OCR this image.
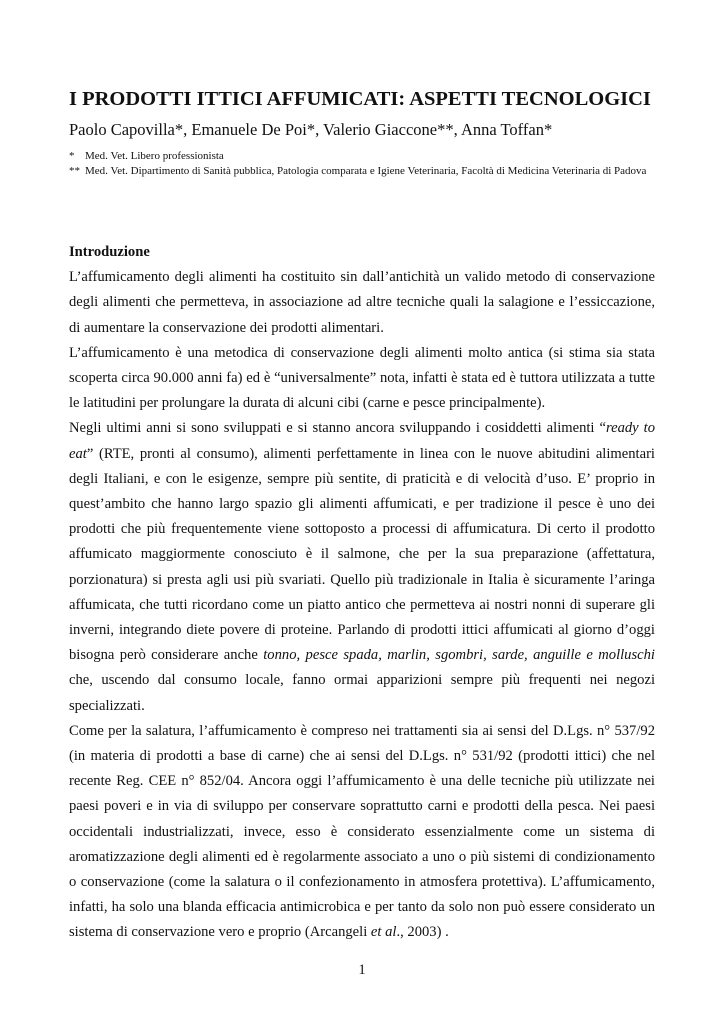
I PRODOTTI ITTICI AFFUMICATI: ASPETTI TECNOLOGICI
Paolo Capovilla*, Emanuele De Poi*, Valerio Giaccone**, Anna Toffan*
* Med. Vet. Libero professionista
** Med. Vet. Dipartimento di Sanità pubblica, Patologia comparata e Igiene Veterinaria, Facoltà di Medicina Veterinaria di Padova
Introduzione

L’affumicamento degli alimenti ha costituito sin dall’antichità un valido metodo di conservazione degli alimenti che permetteva, in associazione ad altre tecniche quali la salagione e l’essiccazione, di aumentare la conservazione dei prodotti alimentari.

L’affumicamento è una metodica di conservazione degli alimenti molto antica (si stima sia stata scoperta circa 90.000 anni fa) ed è “universalmente” nota, infatti è stata ed è tuttora utilizzata a tutte le latitudini per prolungare la durata di alcuni cibi (carne e pesce principalmente).

Negli ultimi anni si sono sviluppati e si stanno ancora sviluppando i cosiddetti alimenti “ready to eat” (RTE, pronti al consumo), alimenti perfettamente in linea con le nuove abitudini alimentari degli Italiani, e con le esigenze, sempre più sentite, di praticità e di velocità d’uso. E’ proprio in quest’ambito che hanno largo spazio gli alimenti affumicati, e per tradizione il pesce è uno dei prodotti che più frequentemente viene sottoposto a processi di affumicatura. Di certo il prodotto affumicato maggiormente conosciuto è il salmone, che per la sua preparazione (affettatura, porzionatura) si presta agli usi più svariati. Quello più tradizionale in Italia è sicuramente l’aringa affumicata, che tutti ricordano come un piatto antico che permetteva ai nostri nonni di superare gli inverni, integrando diete povere di proteine. Parlando di prodotti ittici affumicati al giorno d’oggi bisogna però considerare anche tonno, pesce spada, marlin, sgombri, sarde, anguille e molluschi che, uscendo dal consumo locale, fanno ormai apparizioni sempre più frequenti nei negozi specializzati.

Come per la salatura, l’affumicamento è compreso nei trattamenti sia ai sensi del D.Lgs. n° 537/92 (in materia di prodotti a base di carne) che ai sensi del D.Lgs. n° 531/92 (prodotti ittici) che nel recente Reg. CEE n° 852/04. Ancora oggi l’affumicamento è una delle tecniche più utilizzate nei paesi poveri e in via di sviluppo per conservare soprattutto carni e prodotti della pesca. Nei paesi occidentali industrializzati, invece, esso è considerato essenzialmente come un sistema di aromatizzazione degli alimenti ed è regolarmente associato a uno o più sistemi di condizionamento o conservazione (come la salatura o il confezionamento in atmosfera protettiva). L’affumicamento, infatti, ha solo una blanda efficacia antimicrobica e per tanto da solo non può essere considerato un sistema di conservazione vero e proprio (Arcangeli et al., 2003) .

1
